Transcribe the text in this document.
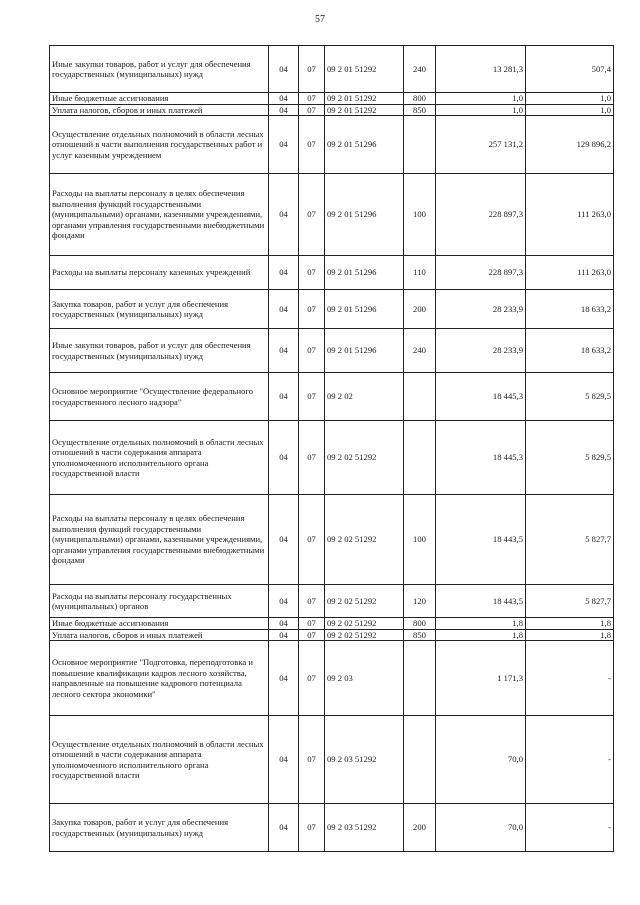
57
Иные закупки товаров, работ и услуг для обеспечения государственных (муниципальных) нужд	04	07	09 2 01 51292	240	13 281,3	507,4
Иные бюджетные ассигнования	04	07	09 2 01 51292	800	1,0	1,0
Уплата налогов, сборов и иных платежей	04	07	09 2 01 51292	850	1,0	1,0
Осуществление отдельных полномочий в области лесных отношений в части выполнения государственных работ и услуг казенным учреждением	04	07	09 2 01 51296		257 131,2	129 896,2
Расходы на выплаты персоналу в целях обеспечения выполнения функций государственными (муниципальными) органами, казенными учреждениями, органами управления государственными внебюджетными фондами	04	07	09 2 01 51296	100	228 897,3	111 263,0
Расходы на выплаты персоналу казенных учреждений	04	07	09 2 01 51296	110	228 897,3	111 263,0
Закупка товаров, работ и услуг для обеспечения государственных (муниципальных) нужд	04	07	09 2 01 51296	200	28 233,9	18 633,2
Иные закупки товаров, работ и услуг для обеспечения государственных (муниципальных) нужд	04	07	09 2 01 51296	240	28 233,9	18 633,2
Основное мероприятие "Осуществление федерального государственного лесного надзора"	04	07	09 2 02		18 445,3	5 829,5
Осуществление отдельных полномочий в области лесных отношений в части содержания аппарата уполномоченного исполнительного органа государственной власти	04	07	09 2 02 51292		18 445,3	5 829,5
Расходы на выплаты персоналу в целях обеспечения выполнения функций государственными (муниципальными) органами, казенными учреждениями, органами управления государственными внебюджетными фондами	04	07	09 2 02 51292	100	18 443,5	5 827,7
Расходы на выплаты персоналу государственных (муниципальных) органов	04	07	09 2 02 51292	120	18 443,5	5 827,7
Иные бюджетные ассигнования	04	07	09 2 02 51292	800	1,8	1,8
Уплата налогов, сборов и иных платежей	04	07	09 2 02 51292	850	1,8	1,8
Основное мероприятие "Подготовка, переподготовка и повышение квалификации кадров лесного хозяйства, направленные на повышение кадрового потенциала лесного сектора экономики"	04	07	09 2 03		1 171,3	-
Осуществление отдельных полномочий в области лесных отношений в части содержания аппарата уполномоченного исполнительного органа государственной власти	04	07	09 2 03 51292		70,0	-
Закупка товаров, работ и услуг для обеспечения государственных (муниципальных) нужд	04	07	09 2 03 51292	200	70,0	-
